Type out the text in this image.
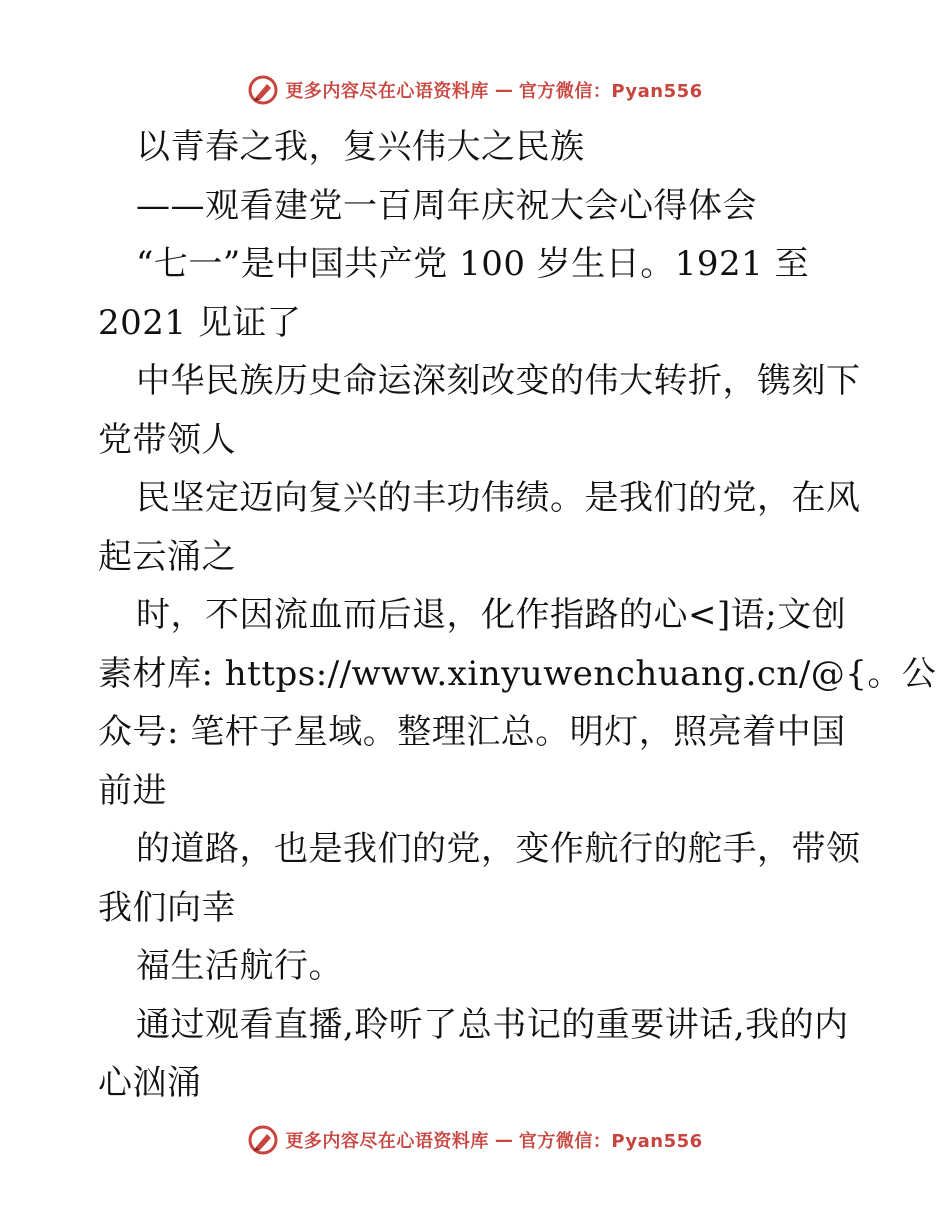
更多内容尽在心语资料库 — 官方微信：Pyan556
以青春之我，复兴伟大之民族
——观看建党一百周年庆祝大会心得体会
“七一”是中国共产党 100 岁生日。1921 至
2021 见证了
中华民族历史命运深刻改变的伟大转折，镌刻下
党带领人
民坚定迈向复兴的丰功伟绩。是我们的党，在风
起云涌之
时，不因流血而后退，化作指路的心<]语;文创
素材库: https://www.xinyuwenchuang.cn/@{。公
众号: 笔杆子星域。整理汇总。明灯，照亮着中国
前进
的道路，也是我们的党，变作航行的舵手，带领
我们向幸
福生活航行。
通过观看直播,聆听了总书记的重要讲话,我的内
心汹涌
更多内容尽在心语资料库 — 官方微信：Pyan556
